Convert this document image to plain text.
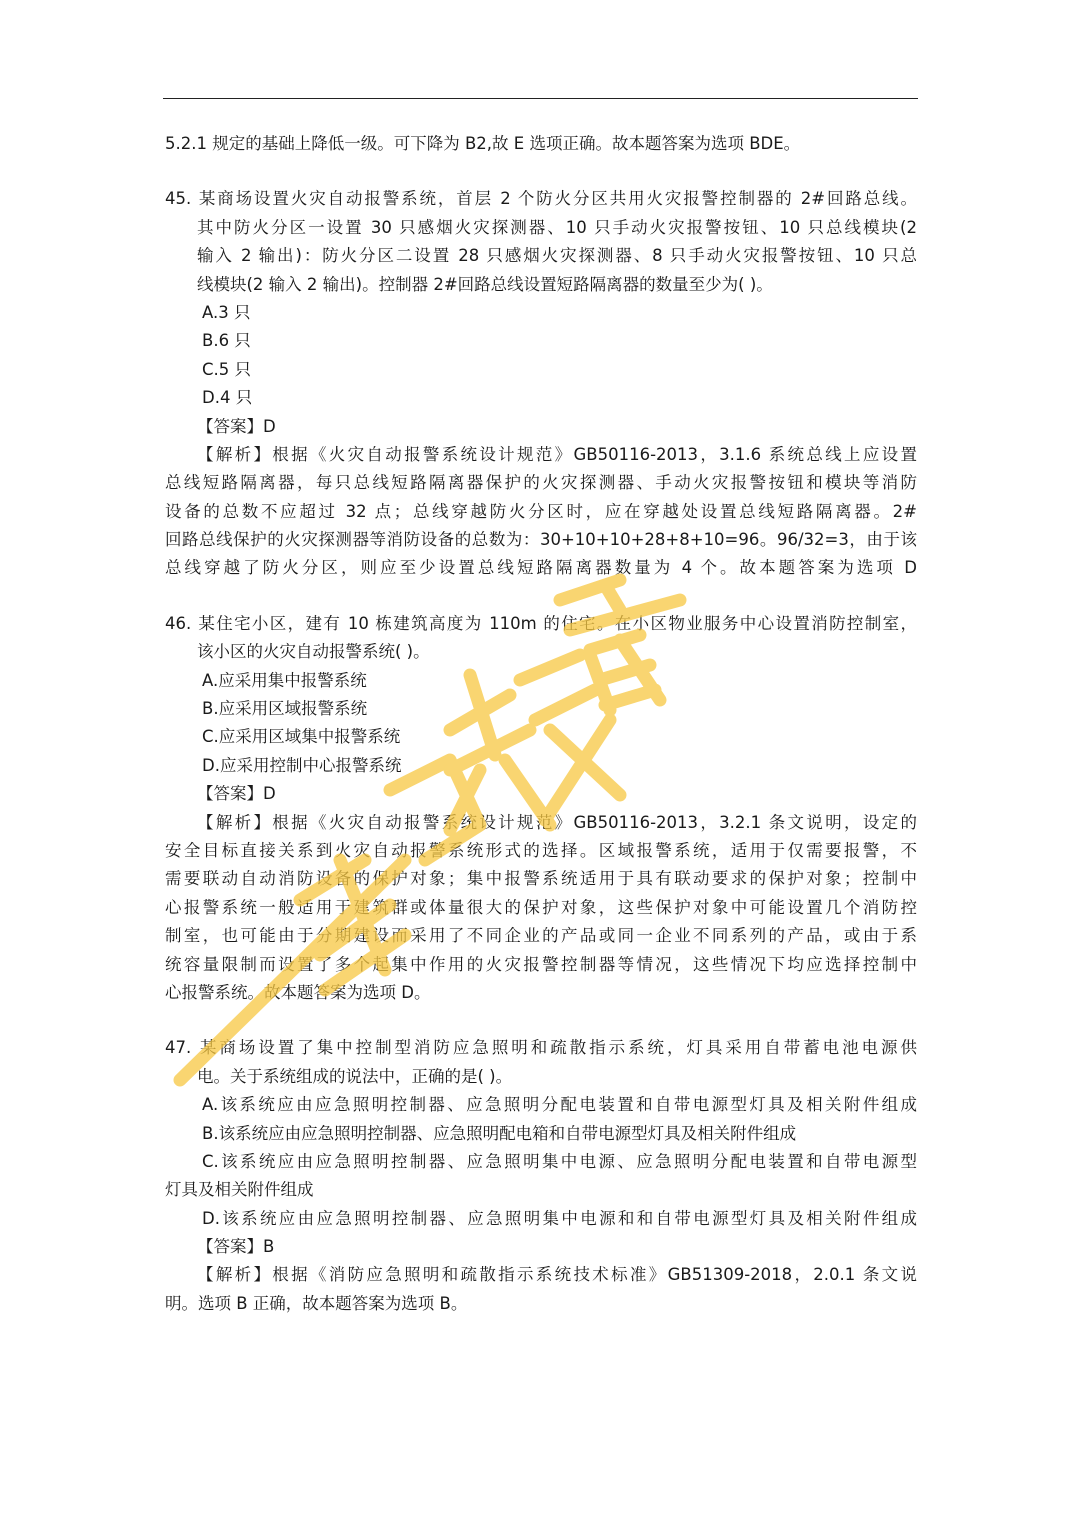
5.2.1 规定的基础上降低一级。可下降为 B2,故 E 选项正确。故本题答案为选项 BDE。
45. 某商场设置火灾自动报警系统，首层 2 个防火分区共用火灾报警控制器的 2#回路总线。
其中防火分区一设置 30 只感烟火灾探测器、10 只手动火灾报警按钮、10 只总线模块(2
输入 2 输出)：防火分区二设置 28 只感烟火灾探测器、8 只手动火灾报警按钮、10 只总
线模块(2 输入 2 输出)。控制器 2#回路总线设置短路隔离器的数量至少为( )。
A.3 只
B.6 只
C.5 只
D.4 只
【答案】D
【解析】根据《火灾自动报警系统设计规范》GB50116-2013，3.1.6 系统总线上应设置
总线短路隔离器，每只总线短路隔离器保护的火灾探测器、手动火灾报警按钮和模块等消防
设备的总数不应超过 32 点；总线穿越防火分区时，应在穿越处设置总线短路隔离器。2#
回路总线保护的火灾探测器等消防设备的总数为：30+10+10+28+8+10=96。96/32=3，由于该
总线穿越了防火分区，则应至少设置总线短路隔离器数量为 4 个。故本题答案为选项 D
46. 某住宅小区，建有 10 栋建筑高度为 110m 的住宅。在小区物业服务中心设置消防控制室，
该小区的火灾自动报警系统( )。
A.应采用集中报警系统
B.应采用区域报警系统
C.应采用区域集中报警系统
D.应采用控制中心报警系统
【答案】D
【解析】根据《火灾自动报警系统设计规范》GB50116-2013，3.2.1 条文说明，设定的
安全目标直接关系到火灾自动报警系统形式的选择。区域报警系统，适用于仅需要报警，不
需要联动自动消防设备的保护对象；集中报警系统适用于具有联动要求的保护对象；控制中
心报警系统一般适用于建筑群或体量很大的保护对象，这些保护对象中可能设置几个消防控
制室，也可能由于分期建设而采用了不同企业的产品或同一企业不同系列的产品，或由于系
统容量限制而设置了多个起集中作用的火灾报警控制器等情况，这些情况下均应选择控制中
心报警系统。故本题答案为选项 D。
47. 某商场设置了集中控制型消防应急照明和疏散指示系统，灯具采用自带蓄电池电源供
电。关于系统组成的说法中，正确的是( )。
A.该系统应由应急照明控制器、应急照明分配电装置和自带电源型灯具及相关附件组成
B.该系统应由应急照明控制器、应急照明配电箱和自带电源型灯具及相关附件组成
C.该系统应由应急照明控制器、应急照明集中电源、应急照明分配电装置和自带电源型
灯具及相关附件组成
D.该系统应由应急照明控制器、应急照明集中电源和和自带电源型灯具及相关附件组成
【答案】B
【解析】根据《消防应急照明和疏散指示系统技术标准》GB51309-2018，2.0.1 条文说
明。选项 B 正确，故本题答案为选项 B。
